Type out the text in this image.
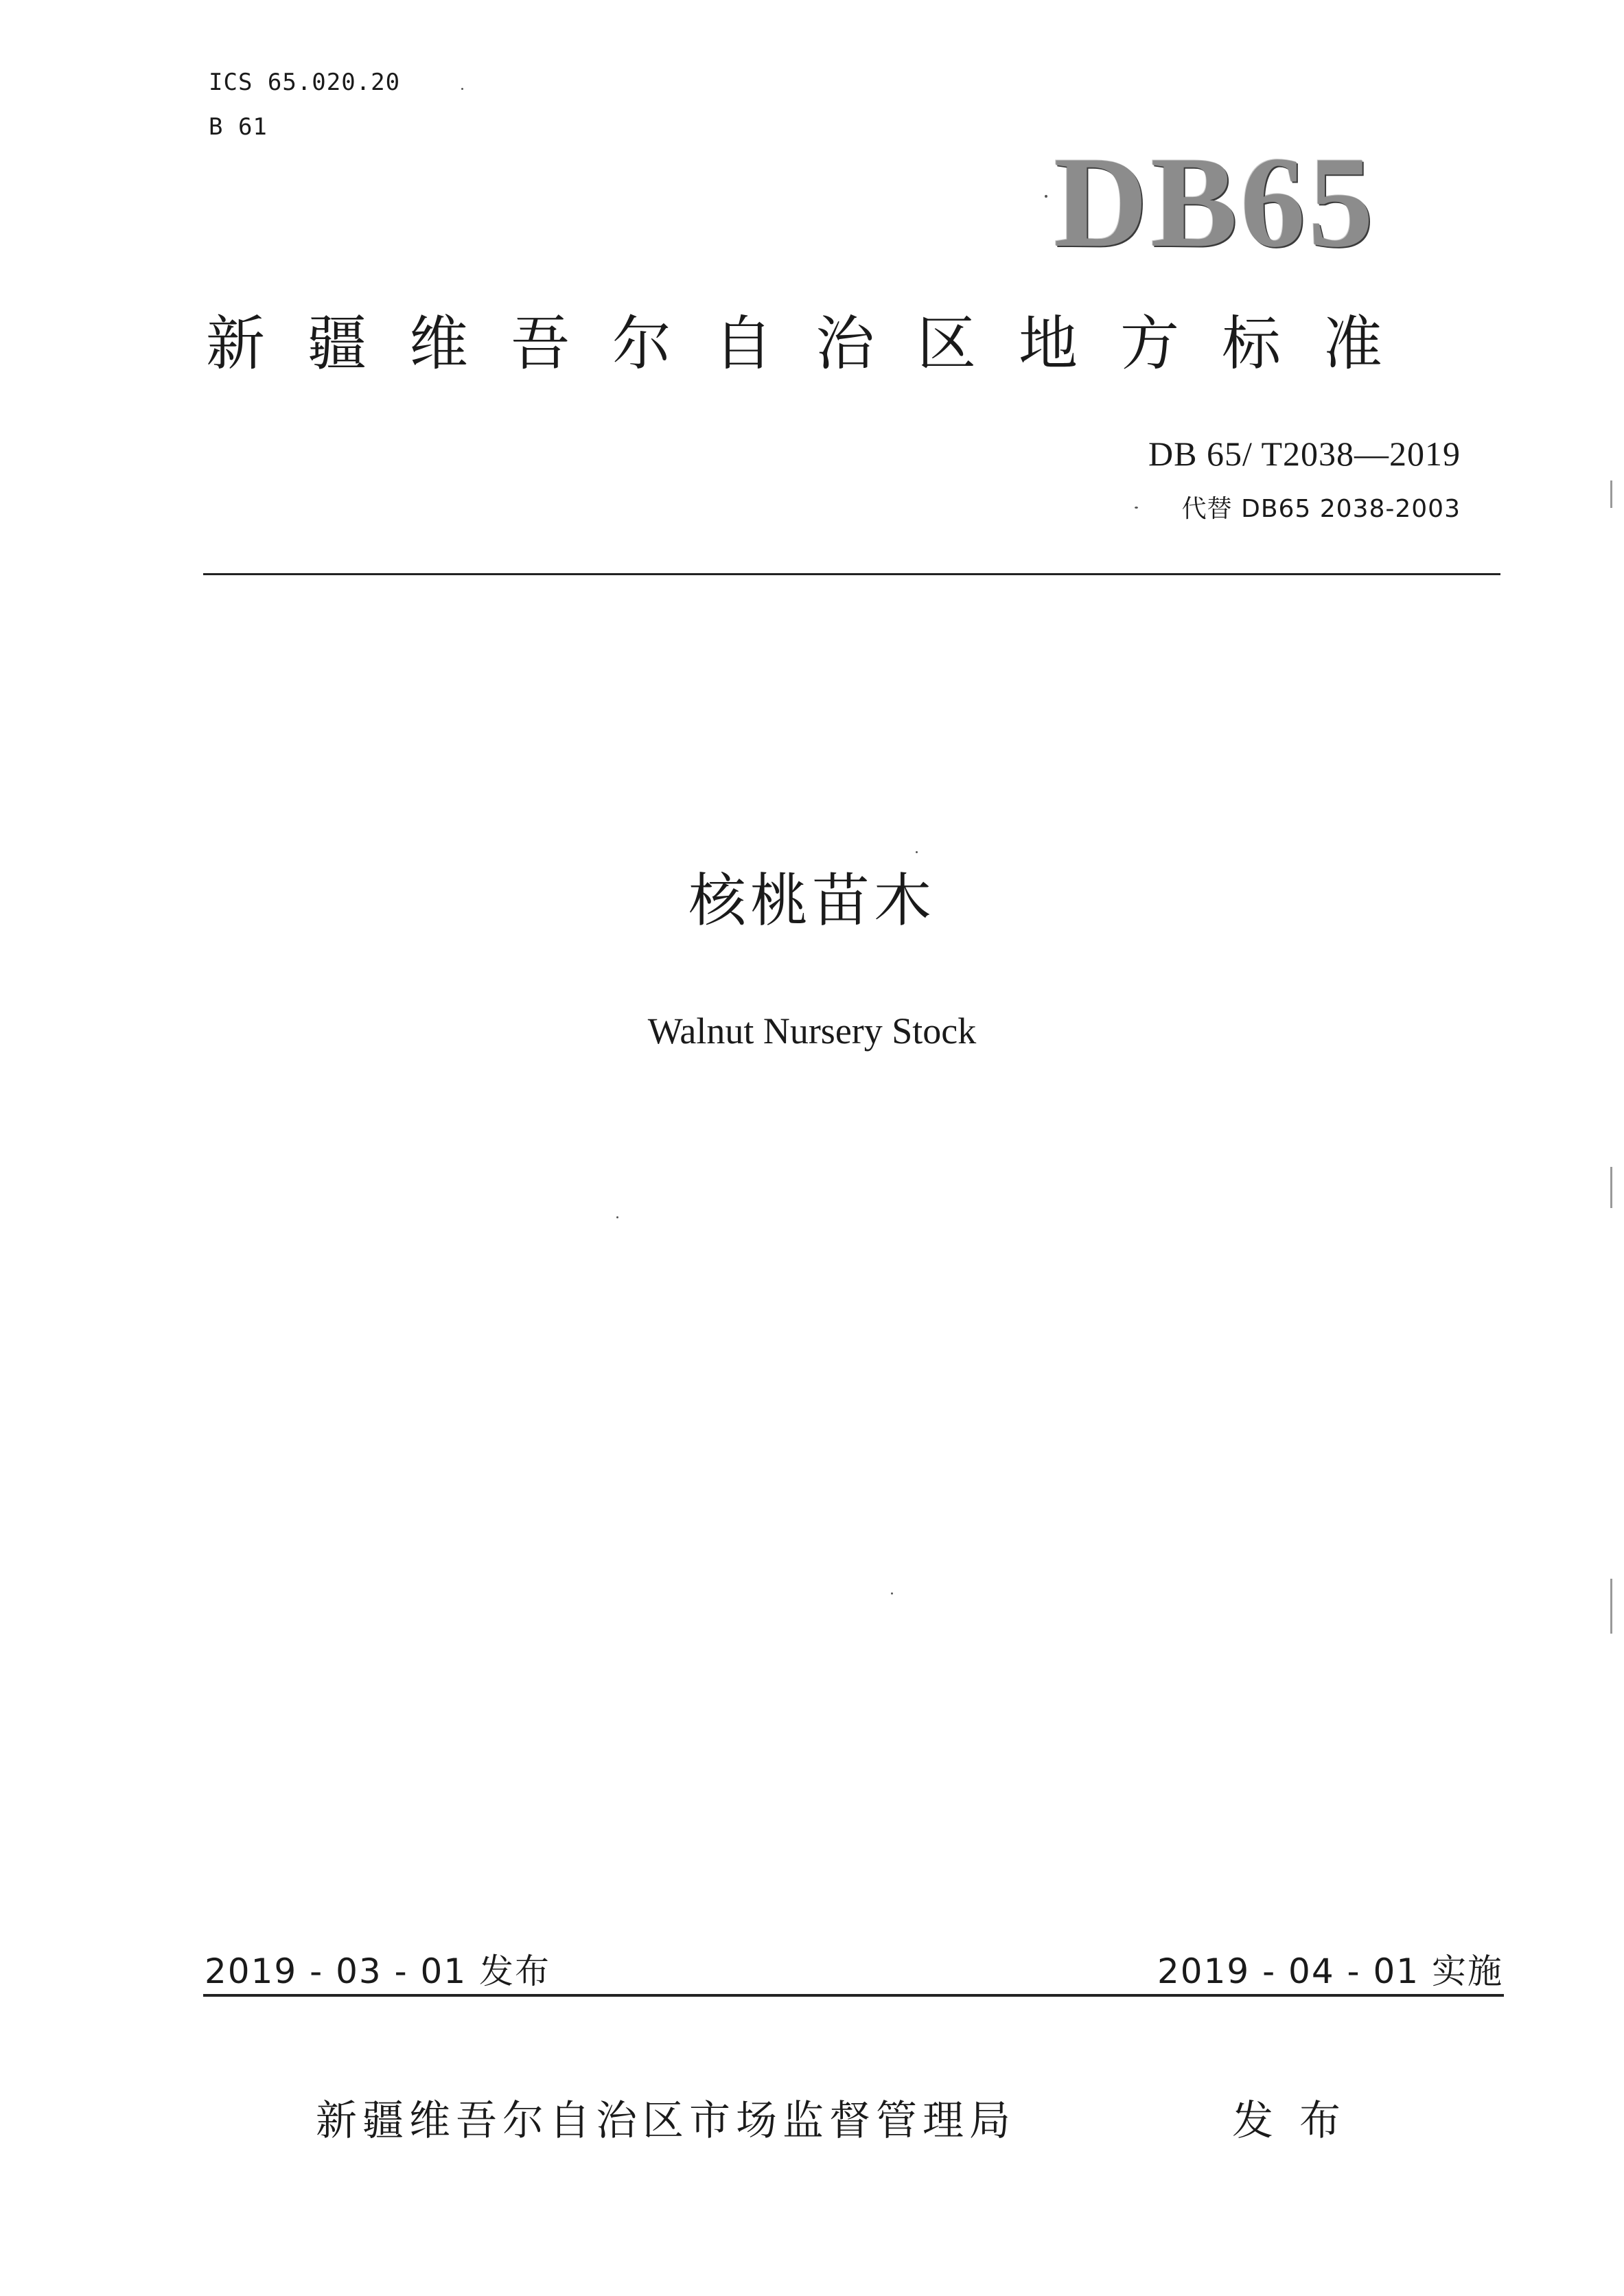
ICS 65.020.20
B 61
DB65
新疆维吾尔自治区地方标准
DB 65/ T2038—2019
代替 DB65 2038-2003
核桃苗木
Walnut Nursery Stock
2019 - 03 - 01 发布	2019 - 04 - 01 实施
新疆维吾尔自治区市场监督管理局	发布
